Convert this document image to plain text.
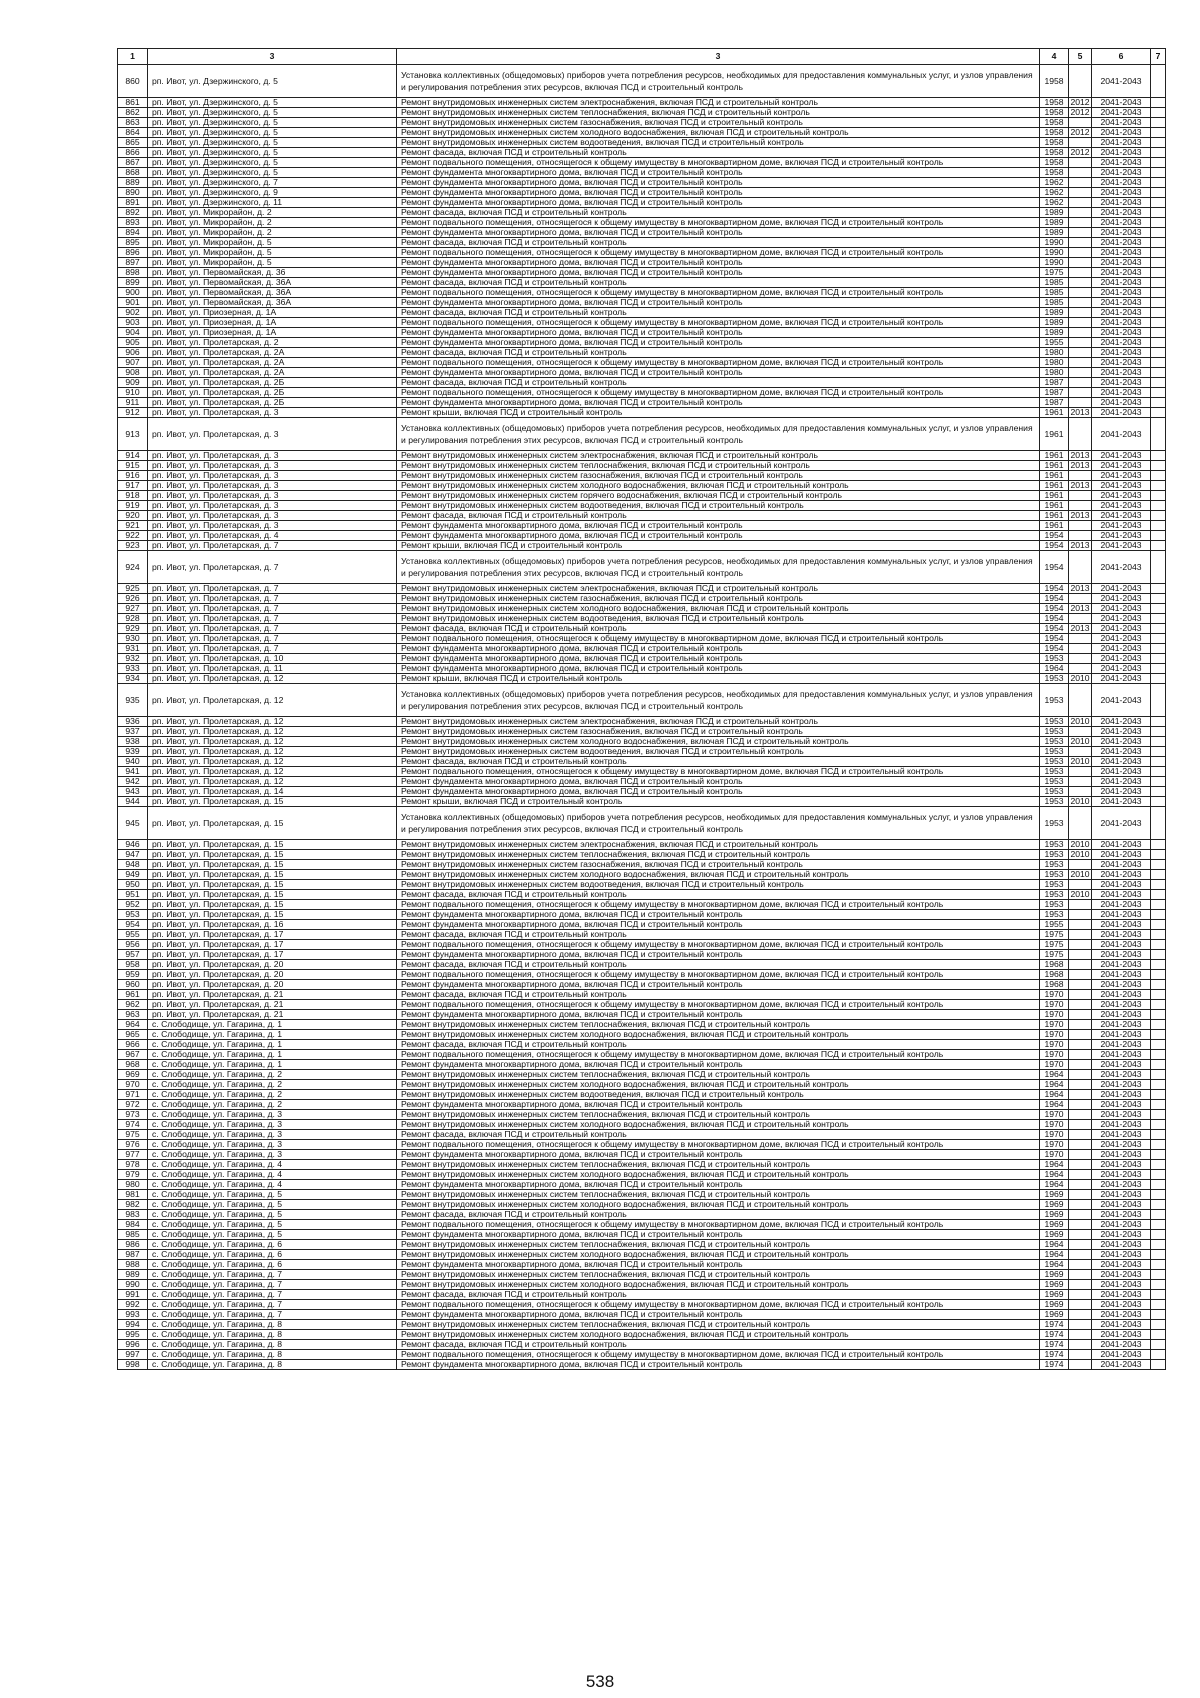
1	3	3	4	5	6	7
860	рп. Ивот, ул. Дзержинского, д. 5	Установка коллективных (общедомовых) приборов учета потребления ресурсов, необходимых для предоставления коммунальных услуг, и узлов управления и регулирования потребления этих ресурсов, включая ПСД и строительный контроль	1958		2041-2043	
861	рп. Ивот, ул. Дзержинского, д. 5	Ремонт внутридомовых инженерных систем электроснабжения, включая ПСД и строительный контроль	1958	2012	2041-2043	
862	рп. Ивот, ул. Дзержинского, д. 5	Ремонт внутридомовых инженерных систем теплоснабжения, включая ПСД и строительный контроль	1958	2012	2041-2043	
863	рп. Ивот, ул. Дзержинского, д. 5	Ремонт внутридомовых инженерных систем газоснабжения, включая ПСД и строительный контроль	1958		2041-2043	
864	рп. Ивот, ул. Дзержинского, д. 5	Ремонт внутридомовых инженерных систем холодного водоснабжения, включая ПСД и строительный контроль	1958	2012	2041-2043	
865	рп. Ивот, ул. Дзержинского, д. 5	Ремонт внутридомовых инженерных систем водоотведения, включая ПСД и строительный контроль	1958		2041-2043	
866	рп. Ивот, ул. Дзержинского, д. 5	Ремонт фасада, включая ПСД и строительный контроль	1958	2012	2041-2043	
867	рп. Ивот, ул. Дзержинского, д. 5	Ремонт подвального помещения, относящегося к общему имуществу в многоквартирном доме, включая ПСД и строительный контроль	1958		2041-2043	
868	рп. Ивот, ул. Дзержинского, д. 5	Ремонт фундамента многоквартирного дома, включая ПСД и строительный контроль	1958		2041-2043	
889	рп. Ивот, ул. Дзержинского, д. 7	Ремонт фундамента многоквартирного дома, включая ПСД и строительный контроль	1962		2041-2043	
890	рп. Ивот, ул. Дзержинского, д. 9	Ремонт фундамента многоквартирного дома, включая ПСД и строительный контроль	1962		2041-2043	
891	рп. Ивот, ул. Дзержинского, д. 11	Ремонт фундамента многоквартирного дома, включая ПСД и строительный контроль	1962		2041-2043	
892	рп. Ивот, ул. Микрорайон, д. 2	Ремонт фасада, включая ПСД и строительный контроль	1989		2041-2043	
893	рп. Ивот, ул. Микрорайон, д. 2	Ремонт подвального помещения, относящегося к общему имуществу в многоквартирном доме, включая ПСД и строительный контроль	1989		2041-2043	
894	рп. Ивот, ул. Микрорайон, д. 2	Ремонт фундамента многоквартирного дома, включая ПСД и строительный контроль	1989		2041-2043	
895	рп. Ивот, ул. Микрорайон, д. 5	Ремонт фасада, включая ПСД и строительный контроль	1990		2041-2043	
896	рп. Ивот, ул. Микрорайон, д. 5	Ремонт подвального помещения, относящегося к общему имуществу в многоквартирном доме, включая ПСД и строительный контроль	1990		2041-2043	
897	рп. Ивот, ул. Микрорайон, д. 5	Ремонт фундамента многоквартирного дома, включая ПСД и строительный контроль	1990		2041-2043	
898	рп. Ивот, ул. Первомайская, д. 36	Ремонт фундамента многоквартирного дома, включая ПСД и строительный контроль	1975		2041-2043	
899	рп. Ивот, ул. Первомайская, д. 36А	Ремонт фасада, включая ПСД и строительный контроль	1985		2041-2043	
900	рп. Ивот, ул. Первомайская, д. 36А	Ремонт подвального помещения, относящегося к общему имуществу в многоквартирном доме, включая ПСД и строительный контроль	1985		2041-2043	
901	рп. Ивот, ул. Первомайская, д. 36А	Ремонт фундамента многоквартирного дома, включая ПСД и строительный контроль	1985		2041-2043	
902	рп. Ивот, ул. Приозерная, д. 1А	Ремонт фасада, включая ПСД и строительный контроль	1989		2041-2043	
903	рп. Ивот, ул. Приозерная, д. 1А	Ремонт подвального помещения, относящегося к общему имуществу в многоквартирном доме, включая ПСД и строительный контроль	1989		2041-2043	
904	рп. Ивот, ул. Приозерная, д. 1А	Ремонт фундамента многоквартирного дома, включая ПСД и строительный контроль	1989		2041-2043	
905	рп. Ивот, ул. Пролетарская, д. 2	Ремонт фундамента многоквартирного дома, включая ПСД и строительный контроль	1955		2041-2043	
906	рп. Ивот, ул. Пролетарская, д. 2А	Ремонт фасада, включая ПСД и строительный контроль	1980		2041-2043	
907	рп. Ивот, ул. Пролетарская, д. 2А	Ремонт подвального помещения, относящегося к общему имуществу в многоквартирном доме, включая ПСД и строительный контроль	1980		2041-2043	
908	рп. Ивот, ул. Пролетарская, д. 2А	Ремонт фундамента многоквартирного дома, включая ПСД и строительный контроль	1980		2041-2043	
909	рп. Ивот, ул. Пролетарская, д. 2Б	Ремонт фасада, включая ПСД и строительный контроль	1987		2041-2043	
910	рп. Ивот, ул. Пролетарская, д. 2Б	Ремонт подвального помещения, относящегося к общему имуществу в многоквартирном доме, включая ПСД и строительный контроль	1987		2041-2043	
911	рп. Ивот, ул. Пролетарская, д. 2Б	Ремонт фундамента многоквартирного дома, включая ПСД и строительный контроль	1987		2041-2043	
912	рп. Ивот, ул. Пролетарская, д. 3	Ремонт крыши, включая ПСД и строительный контроль	1961	2013	2041-2043	
913	рп. Ивот, ул. Пролетарская, д. 3	Установка коллективных (общедомовых) приборов учета потребления ресурсов, необходимых для предоставления коммунальных услуг, и узлов управления и регулирования потребления этих ресурсов, включая ПСД и строительный контроль	1961		2041-2043	
914	рп. Ивот, ул. Пролетарская, д. 3	Ремонт внутридомовых инженерных систем электроснабжения, включая ПСД и строительный контроль	1961	2013	2041-2043	
915	рп. Ивот, ул. Пролетарская, д. 3	Ремонт внутридомовых инженерных систем теплоснабжения, включая ПСД и строительный контроль	1961	2013	2041-2043	
916	рп. Ивот, ул. Пролетарская, д. 3	Ремонт внутридомовых инженерных систем газоснабжения, включая ПСД и строительный контроль	1961		2041-2043	
917	рп. Ивот, ул. Пролетарская, д. 3	Ремонт внутридомовых инженерных систем холодного водоснабжения, включая ПСД и строительный контроль	1961	2013	2041-2043	
918	рп. Ивот, ул. Пролетарская, д. 3	Ремонт внутридомовых инженерных систем горячего водоснабжения, включая ПСД и строительный контроль	1961		2041-2043	
919	рп. Ивот, ул. Пролетарская, д. 3	Ремонт внутридомовых инженерных систем водоотведения, включая ПСД и строительный контроль	1961		2041-2043	
920	рп. Ивот, ул. Пролетарская, д. 3	Ремонт фасада, включая ПСД и строительный контроль	1961	2013	2041-2043	
921	рп. Ивот, ул. Пролетарская, д. 3	Ремонт фундамента многоквартирного дома, включая ПСД и строительный контроль	1961		2041-2043	
922	рп. Ивот, ул. Пролетарская, д. 4	Ремонт фундамента многоквартирного дома, включая ПСД и строительный контроль	1954		2041-2043	
923	рп. Ивот, ул. Пролетарская, д. 7	Ремонт крыши, включая ПСД и строительный контроль	1954	2013	2041-2043	
924	рп. Ивот, ул. Пролетарская, д. 7	Установка коллективных (общедомовых) приборов учета потребления ресурсов, необходимых для предоставления коммунальных услуг, и узлов управления и регулирования потребления этих ресурсов, включая ПСД и строительный контроль	1954		2041-2043	
925	рп. Ивот, ул. Пролетарская, д. 7	Ремонт внутридомовых инженерных систем электроснабжения, включая ПСД и строительный контроль	1954	2013	2041-2043	
926	рп. Ивот, ул. Пролетарская, д. 7	Ремонт внутридомовых инженерных систем газоснабжения, включая ПСД и строительный контроль	1954		2041-2043	
927	рп. Ивот, ул. Пролетарская, д. 7	Ремонт внутридомовых инженерных систем холодного водоснабжения, включая ПСД и строительный контроль	1954	2013	2041-2043	
928	рп. Ивот, ул. Пролетарская, д. 7	Ремонт внутридомовых инженерных систем водоотведения, включая ПСД и строительный контроль	1954		2041-2043	
929	рп. Ивот, ул. Пролетарская, д. 7	Ремонт фасада, включая ПСД и строительный контроль	1954	2013	2041-2043	
930	рп. Ивот, ул. Пролетарская, д. 7	Ремонт подвального помещения, относящегося к общему имуществу в многоквартирном доме, включая ПСД и строительный контроль	1954		2041-2043	
931	рп. Ивот, ул. Пролетарская, д. 7	Ремонт фундамента многоквартирного дома, включая ПСД и строительный контроль	1954		2041-2043	
932	рп. Ивот, ул. Пролетарская, д. 10	Ремонт фундамента многоквартирного дома, включая ПСД и строительный контроль	1953		2041-2043	
933	рп. Ивот, ул. Пролетарская, д. 11	Ремонт фундамента многоквартирного дома, включая ПСД и строительный контроль	1964		2041-2043	
934	рп. Ивот, ул. Пролетарская, д. 12	Ремонт крыши, включая ПСД и строительный контроль	1953	2010	2041-2043	
935	рп. Ивот, ул. Пролетарская, д. 12	Установка коллективных (общедомовых) приборов учета потребления ресурсов, необходимых для предоставления коммунальных услуг, и узлов управления и регулирования потребления этих ресурсов, включая ПСД и строительный контроль	1953		2041-2043	
936	рп. Ивот, ул. Пролетарская, д. 12	Ремонт внутридомовых инженерных систем электроснабжения, включая ПСД и строительный контроль	1953	2010	2041-2043	
937	рп. Ивот, ул. Пролетарская, д. 12	Ремонт внутридомовых инженерных систем газоснабжения, включая ПСД и строительный контроль	1953		2041-2043	
938	рп. Ивот, ул. Пролетарская, д. 12	Ремонт внутридомовых инженерных систем холодного водоснабжения, включая ПСД и строительный контроль	1953	2010	2041-2043	
939	рп. Ивот, ул. Пролетарская, д. 12	Ремонт внутридомовых инженерных систем водоотведения, включая ПСД и строительный контроль	1953		2041-2043	
940	рп. Ивот, ул. Пролетарская, д. 12	Ремонт фасада, включая ПСД и строительный контроль	1953	2010	2041-2043	
941	рп. Ивот, ул. Пролетарская, д. 12	Ремонт подвального помещения, относящегося к общему имуществу в многоквартирном доме, включая ПСД и строительный контроль	1953		2041-2043	
942	рп. Ивот, ул. Пролетарская, д. 12	Ремонт фундамента многоквартирного дома, включая ПСД и строительный контроль	1953		2041-2043	
943	рп. Ивот, ул. Пролетарская, д. 14	Ремонт фундамента многоквартирного дома, включая ПСД и строительный контроль	1953		2041-2043	
944	рп. Ивот, ул. Пролетарская, д. 15	Ремонт крыши, включая ПСД и строительный контроль	1953	2010	2041-2043	
945	рп. Ивот, ул. Пролетарская, д. 15	Установка коллективных (общедомовых) приборов учета потребления ресурсов, необходимых для предоставления коммунальных услуг, и узлов управления и регулирования потребления этих ресурсов, включая ПСД и строительный контроль	1953		2041-2043	
946	рп. Ивот, ул. Пролетарская, д. 15	Ремонт внутридомовых инженерных систем электроснабжения, включая ПСД и строительный контроль	1953	2010	2041-2043	
947	рп. Ивот, ул. Пролетарская, д. 15	Ремонт внутридомовых инженерных систем теплоснабжения, включая ПСД и строительный контроль	1953	2010	2041-2043	
948	рп. Ивот, ул. Пролетарская, д. 15	Ремонт внутридомовых инженерных систем газоснабжения, включая ПСД и строительный контроль	1953		2041-2043	
949	рп. Ивот, ул. Пролетарская, д. 15	Ремонт внутридомовых инженерных систем холодного водоснабжения, включая ПСД и строительный контроль	1953	2010	2041-2043	
950	рп. Ивот, ул. Пролетарская, д. 15	Ремонт внутридомовых инженерных систем водоотведения, включая ПСД и строительный контроль	1953		2041-2043	
951	рп. Ивот, ул. Пролетарская, д. 15	Ремонт фасада, включая ПСД и строительный контроль	1953	2010	2041-2043	
952	рп. Ивот, ул. Пролетарская, д. 15	Ремонт подвального помещения, относящегося к общему имуществу в многоквартирном доме, включая ПСД и строительный контроль	1953		2041-2043	
953	рп. Ивот, ул. Пролетарская, д. 15	Ремонт фундамента многоквартирного дома, включая ПСД и строительный контроль	1953		2041-2043	
954	рп. Ивот, ул. Пролетарская, д. 16	Ремонт фундамента многоквартирного дома, включая ПСД и строительный контроль	1955		2041-2043	
955	рп. Ивот, ул. Пролетарская, д. 17	Ремонт фасада, включая ПСД и строительный контроль	1975		2041-2043	
956	рп. Ивот, ул. Пролетарская, д. 17	Ремонт подвального помещения, относящегося к общему имуществу в многоквартирном доме, включая ПСД и строительный контроль	1975		2041-2043	
957	рп. Ивот, ул. Пролетарская, д. 17	Ремонт фундамента многоквартирного дома, включая ПСД и строительный контроль	1975		2041-2043	
958	рп. Ивот, ул. Пролетарская, д. 20	Ремонт фасада, включая ПСД и строительный контроль	1968		2041-2043	
959	рп. Ивот, ул. Пролетарская, д. 20	Ремонт подвального помещения, относящегося к общему имуществу в многоквартирном доме, включая ПСД и строительный контроль	1968		2041-2043	
960	рп. Ивот, ул. Пролетарская, д. 20	Ремонт фундамента многоквартирного дома, включая ПСД и строительный контроль	1968		2041-2043	
961	рп. Ивот, ул. Пролетарская, д. 21	Ремонт фасада, включая ПСД и строительный контроль	1970		2041-2043	
962	рп. Ивот, ул. Пролетарская, д. 21	Ремонт подвального помещения, относящегося к общему имуществу в многоквартирном доме, включая ПСД и строительный контроль	1970		2041-2043	
963	рп. Ивот, ул. Пролетарская, д. 21	Ремонт фундамента многоквартирного дома, включая ПСД и строительный контроль	1970		2041-2043	
964	с. Слободище, ул. Гагарина, д. 1	Ремонт внутридомовых инженерных систем теплоснабжения, включая ПСД и строительный контроль	1970		2041-2043	
965	с. Слободище, ул. Гагарина, д. 1	Ремонт внутридомовых инженерных систем холодного водоснабжения, включая ПСД и строительный контроль	1970		2041-2043	
966	с. Слободище, ул. Гагарина, д. 1	Ремонт фасада, включая ПСД и строительный контроль	1970		2041-2043	
967	с. Слободище, ул. Гагарина, д. 1	Ремонт подвального помещения, относящегося к общему имуществу в многоквартирном доме, включая ПСД и строительный контроль	1970		2041-2043	
968	с. Слободище, ул. Гагарина, д. 1	Ремонт фундамента многоквартирного дома, включая ПСД и строительный контроль	1970		2041-2043	
969	с. Слободище, ул. Гагарина, д. 2	Ремонт внутридомовых инженерных систем теплоснабжения, включая ПСД и строительный контроль	1964		2041-2043	
970	с. Слободище, ул. Гагарина, д. 2	Ремонт внутридомовых инженерных систем холодного водоснабжения, включая ПСД и строительный контроль	1964		2041-2043	
971	с. Слободище, ул. Гагарина, д. 2	Ремонт внутридомовых инженерных систем водоотведения, включая ПСД и строительный контроль	1964		2041-2043	
972	с. Слободище, ул. Гагарина, д. 2	Ремонт фундамента многоквартирного дома, включая ПСД и строительный контроль	1964		2041-2043	
973	с. Слободище, ул. Гагарина, д. 3	Ремонт внутридомовых инженерных систем теплоснабжения, включая ПСД и строительный контроль	1970		2041-2043	
974	с. Слободище, ул. Гагарина, д. 3	Ремонт внутридомовых инженерных систем холодного водоснабжения, включая ПСД и строительный контроль	1970		2041-2043	
975	с. Слободище, ул. Гагарина, д. 3	Ремонт фасада, включая ПСД и строительный контроль	1970		2041-2043	
976	с. Слободище, ул. Гагарина, д. 3	Ремонт подвального помещения, относящегося к общему имуществу в многоквартирном доме, включая ПСД и строительный контроль	1970		2041-2043	
977	с. Слободище, ул. Гагарина, д. 3	Ремонт фундамента многоквартирного дома, включая ПСД и строительный контроль	1970		2041-2043	
978	с. Слободище, ул. Гагарина, д. 4	Ремонт внутридомовых инженерных систем теплоснабжения, включая ПСД и строительный контроль	1964		2041-2043	
979	с. Слободище, ул. Гагарина, д. 4	Ремонт внутридомовых инженерных систем холодного водоснабжения, включая ПСД и строительный контроль	1964		2041-2043	
980	с. Слободище, ул. Гагарина, д. 4	Ремонт фундамента многоквартирного дома, включая ПСД и строительный контроль	1964		2041-2043	
981	с. Слободище, ул. Гагарина, д. 5	Ремонт внутридомовых инженерных систем теплоснабжения, включая ПСД и строительный контроль	1969		2041-2043	
982	с. Слободище, ул. Гагарина, д. 5	Ремонт внутридомовых инженерных систем холодного водоснабжения, включая ПСД и строительный контроль	1969		2041-2043	
983	с. Слободище, ул. Гагарина, д. 5	Ремонт фасада, включая ПСД и строительный контроль	1969		2041-2043	
984	с. Слободище, ул. Гагарина, д. 5	Ремонт подвального помещения, относящегося к общему имуществу в многоквартирном доме, включая ПСД и строительный контроль	1969		2041-2043	
985	с. Слободище, ул. Гагарина, д. 5	Ремонт фундамента многоквартирного дома, включая ПСД и строительный контроль	1969		2041-2043	
986	с. Слободище, ул. Гагарина, д. 6	Ремонт внутридомовых инженерных систем теплоснабжения, включая ПСД и строительный контроль	1964		2041-2043	
987	с. Слободище, ул. Гагарина, д. 6	Ремонт внутридомовых инженерных систем холодного водоснабжения, включая ПСД и строительный контроль	1964		2041-2043	
988	с. Слободище, ул. Гагарина, д. 6	Ремонт фундамента многоквартирного дома, включая ПСД и строительный контроль	1964		2041-2043	
989	с. Слободище, ул. Гагарина, д. 7	Ремонт внутридомовых инженерных систем теплоснабжения, включая ПСД и строительный контроль	1969		2041-2043	
990	с. Слободище, ул. Гагарина, д. 7	Ремонт внутридомовых инженерных систем холодного водоснабжения, включая ПСД и строительный контроль	1969		2041-2043	
991	с. Слободище, ул. Гагарина, д. 7	Ремонт фасада, включая ПСД и строительный контроль	1969		2041-2043	
992	с. Слободище, ул. Гагарина, д. 7	Ремонт подвального помещения, относящегося к общему имуществу в многоквартирном доме, включая ПСД и строительный контроль	1969		2041-2043	
993	с. Слободище, ул. Гагарина, д. 7	Ремонт фундамента многоквартирного дома, включая ПСД и строительный контроль	1969		2041-2043	
994	с. Слободище, ул. Гагарина, д. 8	Ремонт внутридомовых инженерных систем теплоснабжения, включая ПСД и строительный контроль	1974		2041-2043	
995	с. Слободище, ул. Гагарина, д. 8	Ремонт внутридомовых инженерных систем холодного водоснабжения, включая ПСД и строительный контроль	1974		2041-2043	
996	с. Слободище, ул. Гагарина, д. 8	Ремонт фасада, включая ПСД и строительный контроль	1974		2041-2043	
997	с. Слободище, ул. Гагарина, д. 8	Ремонт подвального помещения, относящегося к общему имуществу в многоквартирном доме, включая ПСД и строительный контроль	1974		2041-2043	
998	с. Слободище, ул. Гагарина, д. 8	Ремонт фундамента многоквартирного дома, включая ПСД и строительный контроль	1974		2041-2043	
538
